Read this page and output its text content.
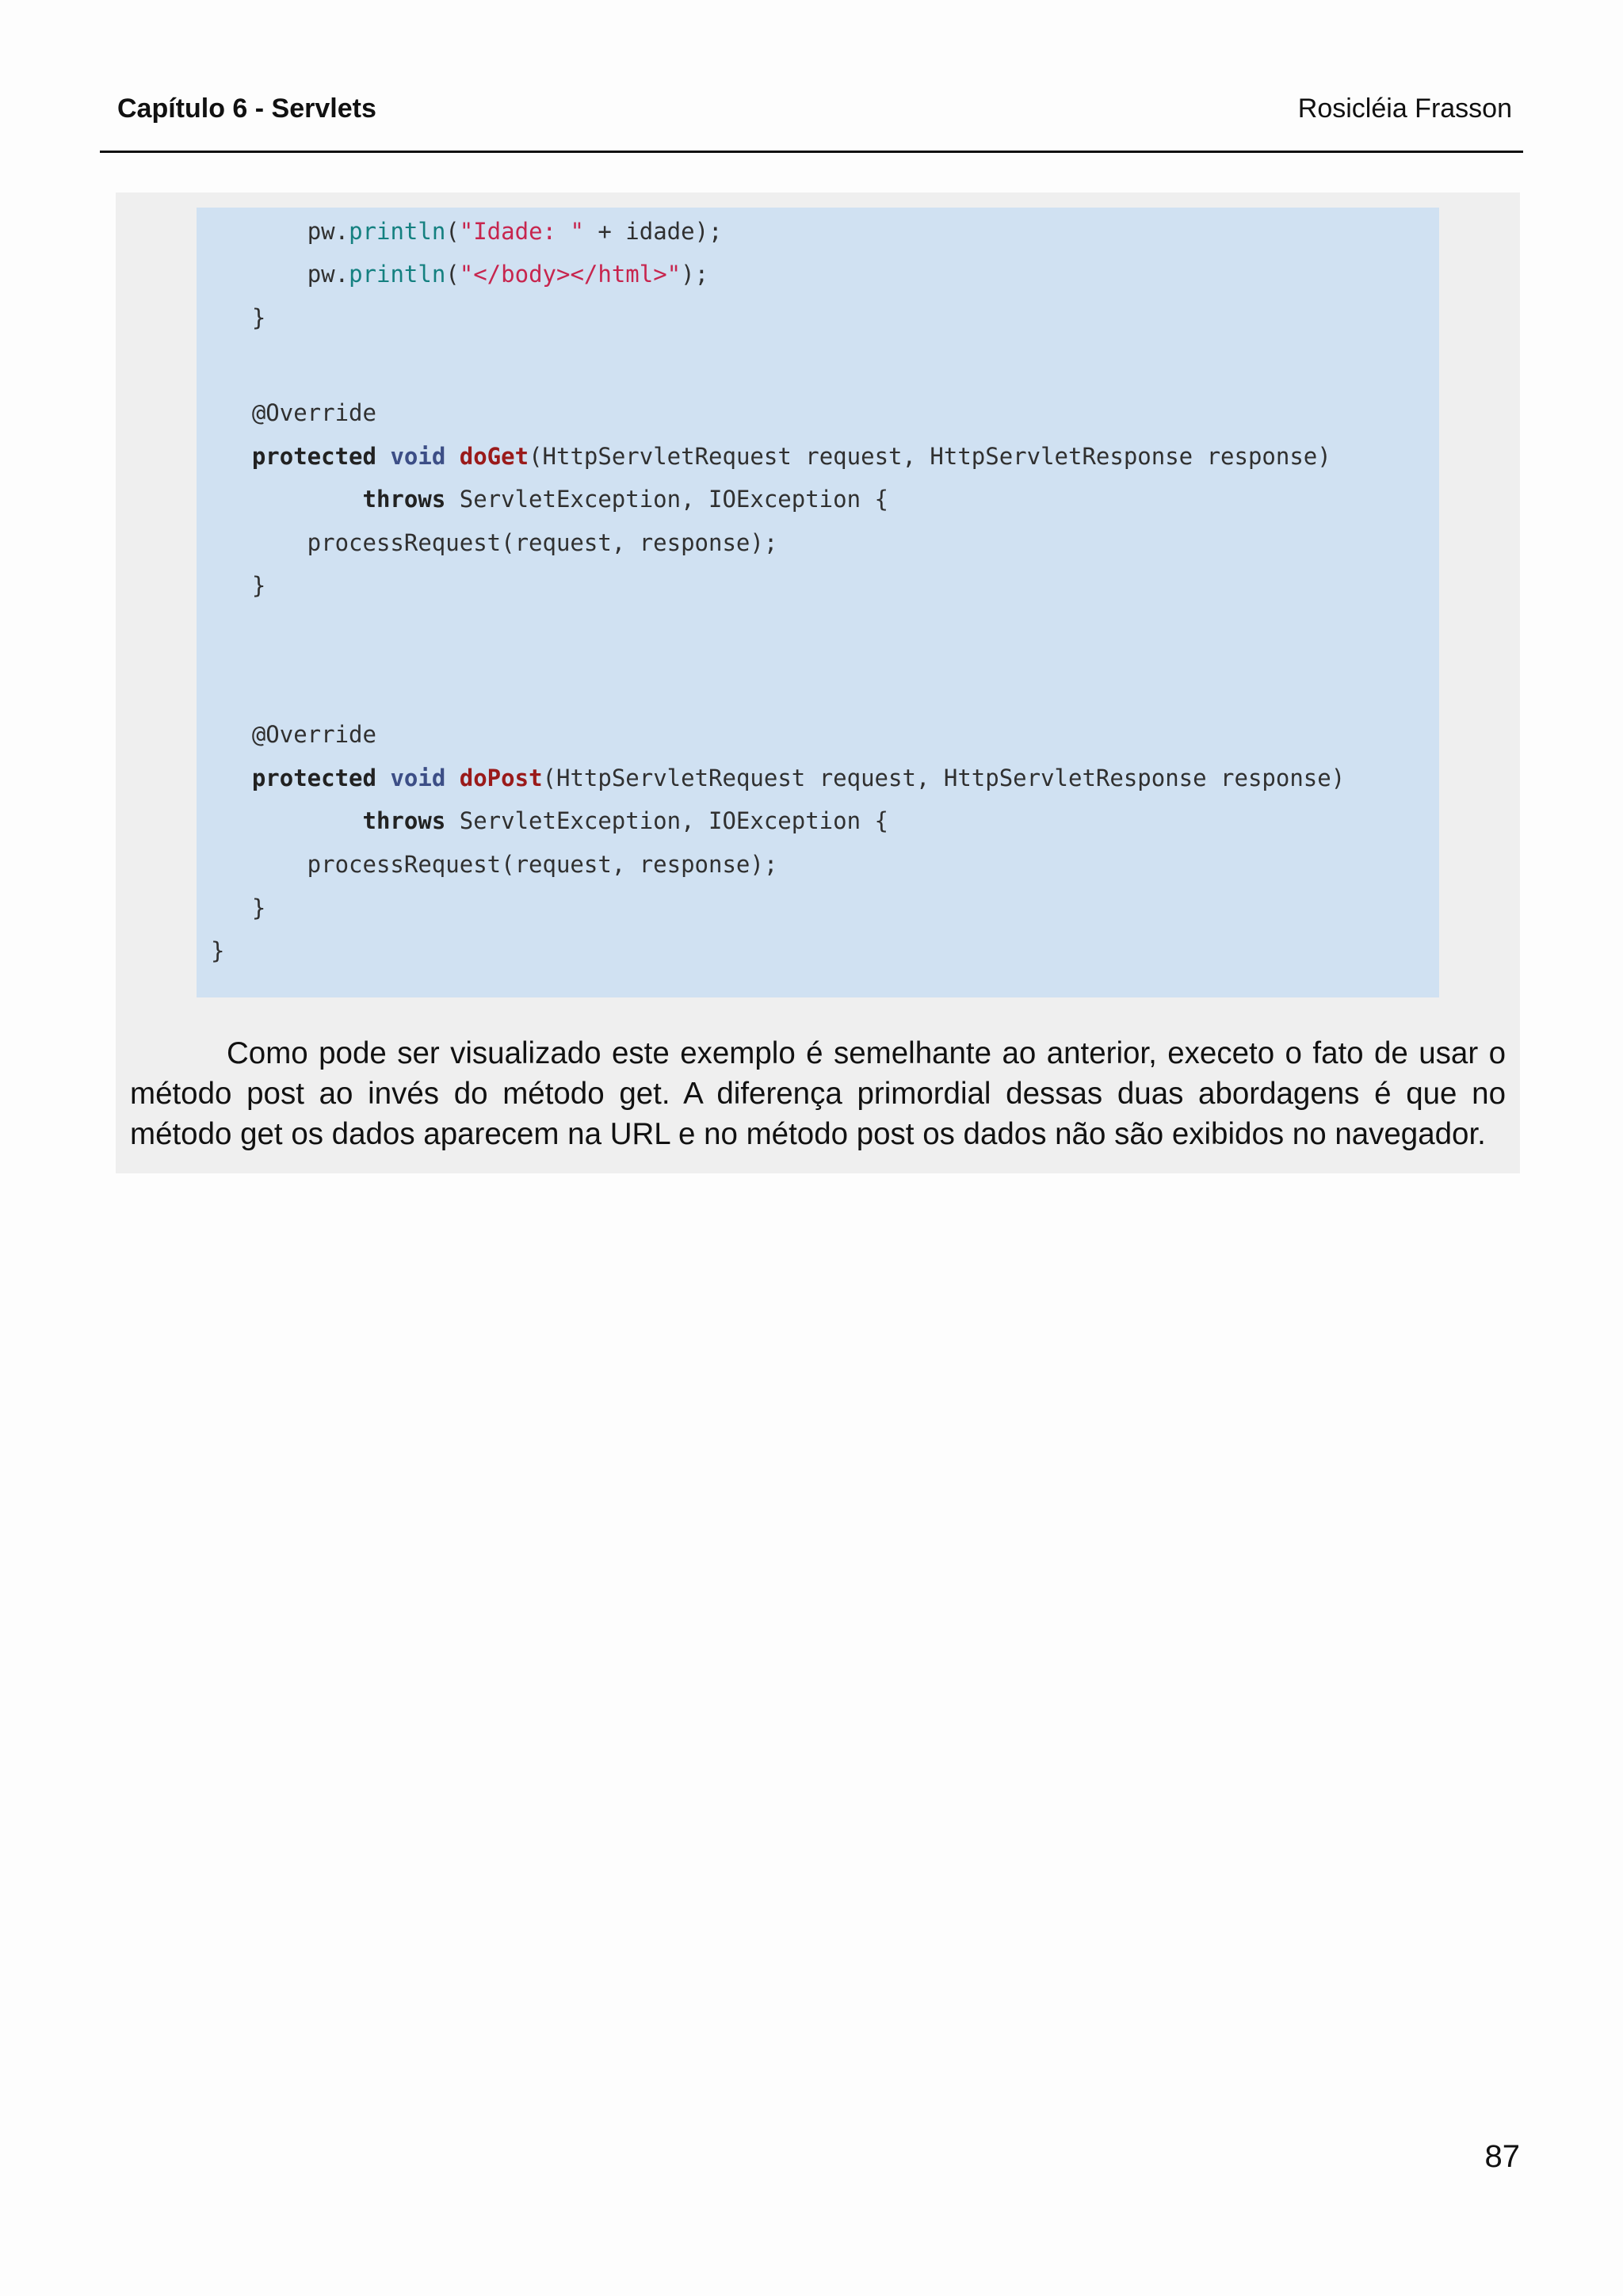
Capítulo 6 - Servlets	Rosicléia Frasson
pw.println("Idade: " + idade);
pw.println("</body></html>");
}
@Override
protected void doGet(HttpServletRequest request, HttpServletResponse response)
throws ServletException, IOException {
processRequest(request, response);
}
@Override
protected void doPost(HttpServletRequest request, HttpServletResponse response)
throws ServletException, IOException {
processRequest(request, response);
}
}

Como pode ser visualizado este exemplo é semelhante ao anterior, execeto o fato de usar o método post ao invés do método get. A diferença primordial dessas duas abordagens é que no método get os dados aparecem na URL e no método post os dados não são exibidos no navegador.

87
